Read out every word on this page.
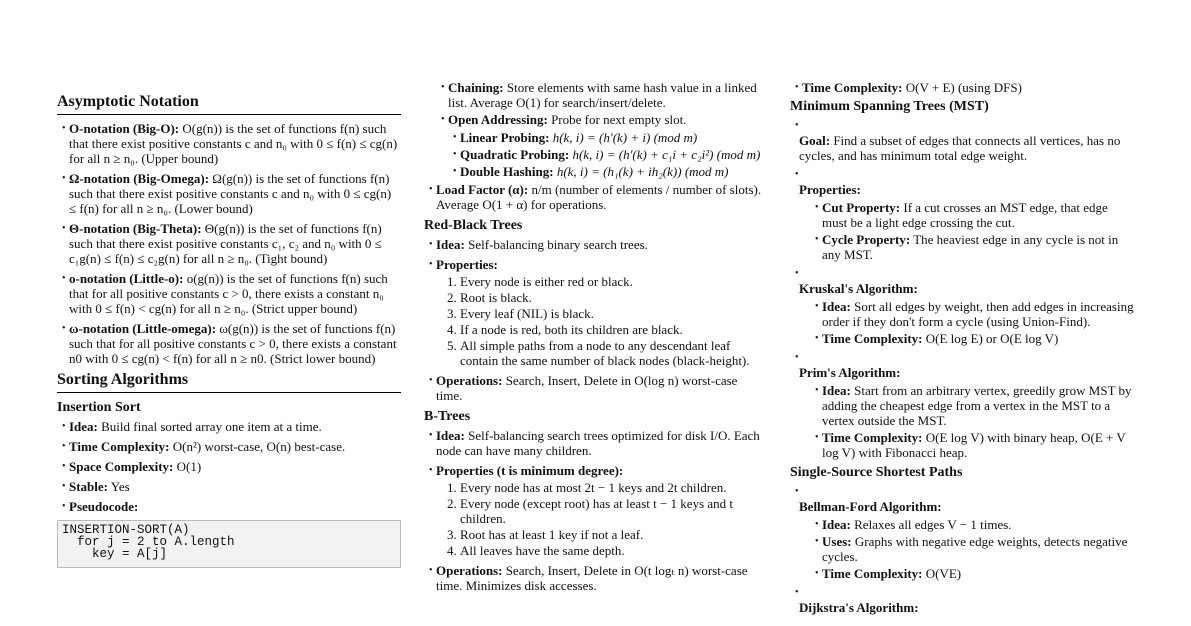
Asymptotic Notation
• O-notation (Big-O): O(g(n)) is the set of functions f(n) such that there exist positive constants c and n₀ with 0 ≤ f(n) ≤ cg(n) for all n ≥ n₀. (Upper bound)
• Ω-notation (Big-Omega): Ω(g(n)) is the set of functions f(n) such that there exist positive constants c and n₀ with 0 ≤ cg(n) ≤ f(n) for all n ≥ n₀. (Lower bound)
• Θ-notation (Big-Theta): Θ(g(n)) is the set of functions f(n) such that there exist positive constants c₁, c₂ and n₀ with 0 ≤ c₁g(n) ≤ f(n) ≤ c₂g(n) for all n ≥ n₀. (Tight bound)
• o-notation (Little-o): o(g(n)) is the set of functions f(n) such that for all positive constants c > 0, there exists a constant n₀ with 0 ≤ f(n) < cg(n) for all n ≥ n₀. (Strict upper bound)
• ω-notation (Little-omega): ω(g(n)) is the set of functions f(n) such that for all positive constants c > 0, there exists a constant n0 with 0 ≤ cg(n) < f(n) for all n ≥ n0. (Strict lower bound)
Sorting Algorithms
Insertion Sort
• Idea: Build final sorted array one item at a time.
• Time Complexity: O(n²) worst-case, O(n) best-case.
• Space Complexity: O(1)
• Stable: Yes
• Pseudocode:
INSERTION-SORT(A)
for j = 2 to A.length
key = A[j]
• Chaining: Store elements with same hash value in a linked list. Average O(1) for search/insert/delete.
• Open Addressing: Probe for next empty slot.
• Linear Probing: h(k, i) = (h′(k) + i) (mod m)
• Quadratic Probing: h(k, i) = (h′(k) + c₁i + c₂i²) (mod m)
• Double Hashing: h(k, i) = (h₁(k) + ih₂(k)) (mod m)
• Load Factor (α): n/m (number of elements / number of slots). Average O(1 + α) for operations.
Red-Black Trees
• Idea: Self-balancing binary search trees.
• Properties:
1. Every node is either red or black.
2. Root is black.
3. Every leaf (NIL) is black.
4. If a node is red, both its children are black.
5. All simple paths from a node to any descendant leaf contain the same number of black nodes (black-height).
• Operations: Search, Insert, Delete in O(log n) worst-case time.
B-Trees
• Idea: Self-balancing search trees optimized for disk I/O. Each node can have many children.
• Properties (t is minimum degree):
1. Every node has at most 2t − 1 keys and 2t children.
2. Every node (except root) has at least t − 1 keys and t children.
3. Root has at least 1 key if not a leaf.
4. All leaves have the same depth.
• Operations: Search, Insert, Delete in O(t logₜ n) worst-case time. Minimizes disk accesses.
• Time Complexity: O(V + E) (using DFS)
Minimum Spanning Trees (MST)
• Goal: Find a subset of edges that connects all vertices, has no cycles, and has minimum total edge weight.
• Properties:
• Cut Property: If a cut crosses an MST edge, that edge must be a light edge crossing the cut.
• Cycle Property: The heaviest edge in any cycle is not in any MST.
• Kruskal's Algorithm:
• Idea: Sort all edges by weight, then add edges in increasing order if they don't form a cycle (using Union-Find).
• Time Complexity: O(E log E) or O(E log V)
• Prim's Algorithm:
• Idea: Start from an arbitrary vertex, greedily grow MST by adding the cheapest edge from a vertex in the MST to a vertex outside the MST.
• Time Complexity: O(E log V) with binary heap, O(E + V log V) with Fibonacci heap.
Single-Source Shortest Paths
• Bellman-Ford Algorithm:
• Idea: Relaxes all edges V − 1 times.
• Uses: Graphs with negative edge weights, detects negative cycles.
• Time Complexity: O(VE)
• Dijkstra's Algorithm:
